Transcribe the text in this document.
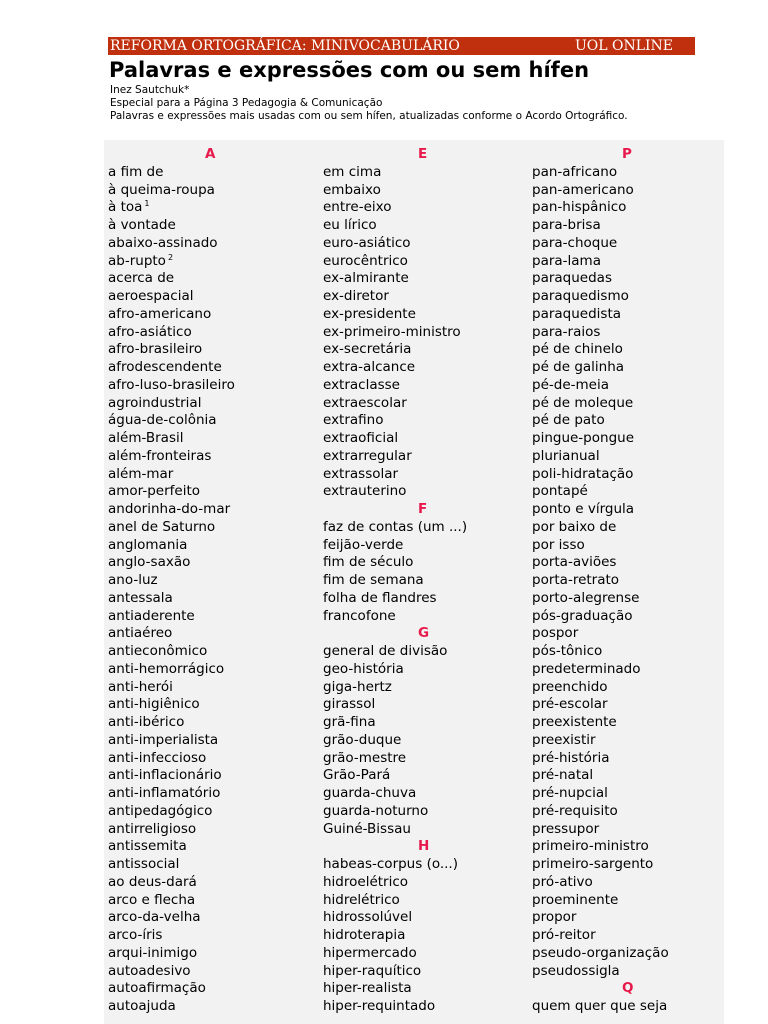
REFORMA ORTOGRÁFICA: MINIVOCABULÁRIO	UOL ONLINE
Palavras e expressões com ou sem hífen
Inez Sautchuk*
Especial para a Página 3 Pedagogia & Comunicação
Palavras e expressões mais usadas com ou sem hífen, atualizadas conforme o Acordo Ortográfico.
A
a fim de
à queima-roupa
à toa $^1$
à vontade
abaixo-assinado
ab-rupto $^2$
acerca de
aeroespacial
afro-americano
afro-asiático
afro-brasileiro
afrodescendente
afro-luso-brasileiro
agroindustrial
água-de-colônia
além-Brasil
além-fronteiras
além-mar
amor-perfeito
andorinha-do-mar
anel de Saturno
anglomania
anglo-saxão
ano-luz
antessala
antiaderente
antiaéreo
antieconômico
anti-hemorrágico
anti-herói
anti-higiênico
anti-ibérico
anti-imperialista
anti-infeccioso
anti-inflacionário
anti-inflamatório
antipedagógico
antirreligioso
antissemita
antissocial
ao deus-dará
arco e flecha
arco-da-velha
arco-íris
arqui-inimigo
autoadesivo
autoafirmação
autoajuda
E
em cima
embaixo
entre-eixo
eu lírico
euro-asiático
eurocêntrico
ex-almirante
ex-diretor
ex-presidente
ex-primeiro-ministro
ex-secretária
extra-alcance
extraclasse
extraescolar
extrafino
extraoficial
extrarregular
extrassolar
extrauterino
F
faz de contas (um ...)
feijão-verde
fim de século
fim de semana
folha de flandres
francofone
G
general de divisão
geo-história
giga-hertz
girassol
grã-fina
grão-duque
grão-mestre
Grão-Pará
guarda-chuva
guarda-noturno
Guiné-Bissau
H
habeas-corpus (o...)
hidroelétrico
hidrelétrico
hidrossolúvel
hidroterapia
hipermercado
hiper-raquítico
hiper-realista
hiper-requintado
P
pan-africano
pan-americano
pan-hispânico
para-brisa
para-choque
para-lama
paraquedas
paraquedismo
paraquedista
para-raios
pé de chinelo
pé de galinha
pé-de-meia
pé de moleque
pé de pato
pingue-pongue
plurianual
poli-hidratação
pontapé
ponto e vírgula
por baixo de
por isso
porta-aviões
porta-retrato
porto-alegrense
pós-graduação
pospor
pós-tônico
predeterminado
preenchido
pré-escolar
preexistente
preexistir
pré-história
pré-natal
pré-nupcial
pré-requisito
pressupor
primeiro-ministro
primeiro-sargento
pró-ativo
proeminente
propor
pró-reitor
pseudo-organização
pseudossigla
Q
quem quer que seja
